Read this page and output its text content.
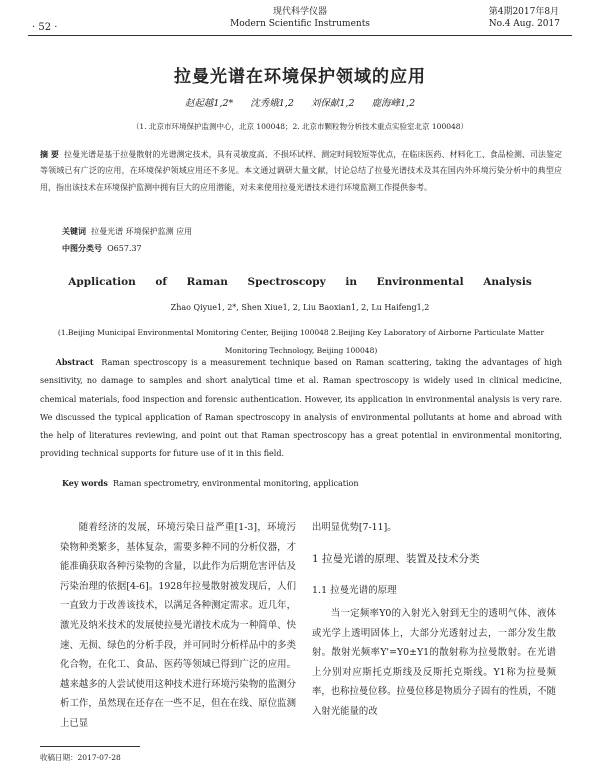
· 52 ·
现代科学仪器
Modern Scientific Instruments
第4期2017年8月
No.4 Aug. 2017
拉曼光谱在环境保护领域的应用
赵起越1,2* 沈秀娥1,2 刘保献1,2 鹿海峰1,2
（1. 北京市环境保护监测中心，北京 100048；2. 北京市颗粒物分析技术重点实验室北京 100048）
摘 要 拉曼光谱是基于拉曼散射的光谱测定技术，具有灵敏度高、不损坏试样、测定时间较短等优点，在临床医药、材料化工、食品检测、司法鉴定等领域已有广泛的应用，在环境保护领域应用还不多见。本文通过调研大量文献，讨论总结了拉曼光谱技术及其在国内外环境污染分析中的典型应用，指出该技术在环境保护监测中拥有巨大的应用潜能，对未来使用拉曼光谱技术进行环境监测工作提供参考。
关键词 拉曼光谱 环境保护监测 应用
中图分类号 O657.37
Application of Raman Spectroscopy in Environmental Analysis
Zhao Qiyue1, 2*, Shen Xiue1, 2, Liu Baoxian1, 2, Lu Haifeng1,2
(1.Beijing Municipal Environmental Monitoring Center, Beijing 100048 2.Beijing Key Laboratory of Airborne Particulate Matter Monitoring Technology, Beijing 100048)
Abstract Raman spectroscopy is a measurement technique based on Raman scattering, taking the advantages of high sensitivity, no damage to samples and short analytical time et al. Raman spectroscopy is widely used in clinical medicine, chemical materials, food inspection and forensic authentication. However, its application in environmental analysis is very rare. We discussed the typical application of Raman spectroscopy in analysis of environmental pollutants at home and abroad with the help of literatures reviewing, and point out that Raman spectroscopy has a great potential in environmental monitoring, providing technical supports for future use of it in this field.
Key words Raman spectrometry, environmental monitoring, application
随着经济的发展，环境污染日益严重[1-3]，环境污染物种类繁多，基体复杂，需要多种不同的分析仪器，才能准确获取各种污染物的含量，以此作为后期危害评估及污染治理的依据[4-6]。1928年拉曼散射被发现后，人们一直致力于改善该技术，以满足各种测定需求。近几年，激光及纳米技术的发展使拉曼光谱技术成为一种简单、快速、无损、绿色的分析手段，并可同时分析样品中的多类化合物，在化工、食品、医药等领域已得到广泛的应用。越来越多的人尝试使用这种技术进行环境污染物的监测分析工作，虽然现在还存在一些不足，但在在线、原位监测上已显
出明显优势[7-11]。
1 拉曼光谱的原理、装置及技术分类
1.1 拉曼光谱的原理
当一定频率Y0的入射光入射到无尘的透明气体、液体或光学上透明固体上，大部分光透射过去，一部分发生散射。散射光频率Y'=Y0±Y1的散射称为拉曼散射。在光谱上分别对应斯托克斯线及反斯托克斯线。Y1称为拉曼频率，也称拉曼位移。拉曼位移是物质分子固有的性质，不随入射光能量的改
收稿日期：2017-07-28
